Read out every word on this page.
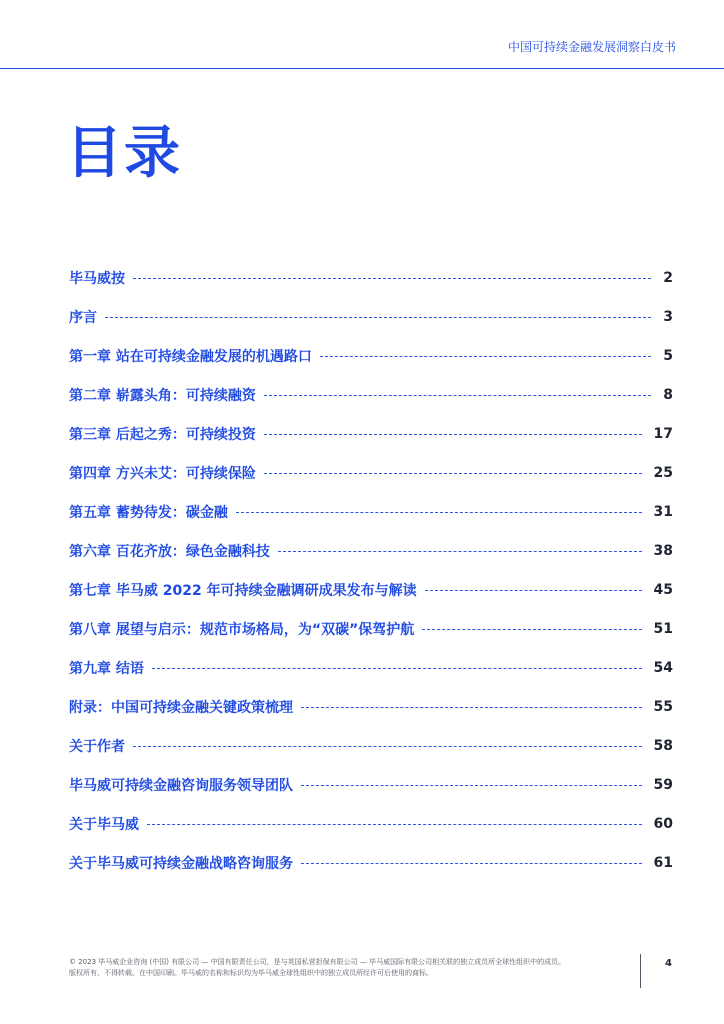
中国可持续金融发展洞察白皮书
目录
毕马威按	2
序言	3
第一章 站在可持续金融发展的机遇路口	5
第二章 崭露头角：可持续融资	8
第三章 后起之秀：可持续投资	17
第四章 方兴未艾：可持续保险	25
第五章 蓄势待发：碳金融	31
第六章 百花齐放：绿色金融科技	38
第七章 毕马威 2022 年可持续金融调研成果发布与解读	45
第八章 展望与启示：规范市场格局，为“双碳”保驾护航	51
第九章 结语	54
附录：中国可持续金融关键政策梳理	55
关于作者	58
毕马威可持续金融咨询服务领导团队	59
关于毕马威	60
关于毕马威可持续金融战略咨询服务	61
© 2023 毕马威企业咨询 (中国) 有限公司 — 中国有限责任公司，是与英国私营担保有限公司 — 毕马威国际有限公司相关联的独立成员所全球性组织中的成员。
版权所有，不得转载。在中国印刷。毕马威的名称和标识均为毕马威全球性组织中的独立成员所经许可后使用的商标。
4
